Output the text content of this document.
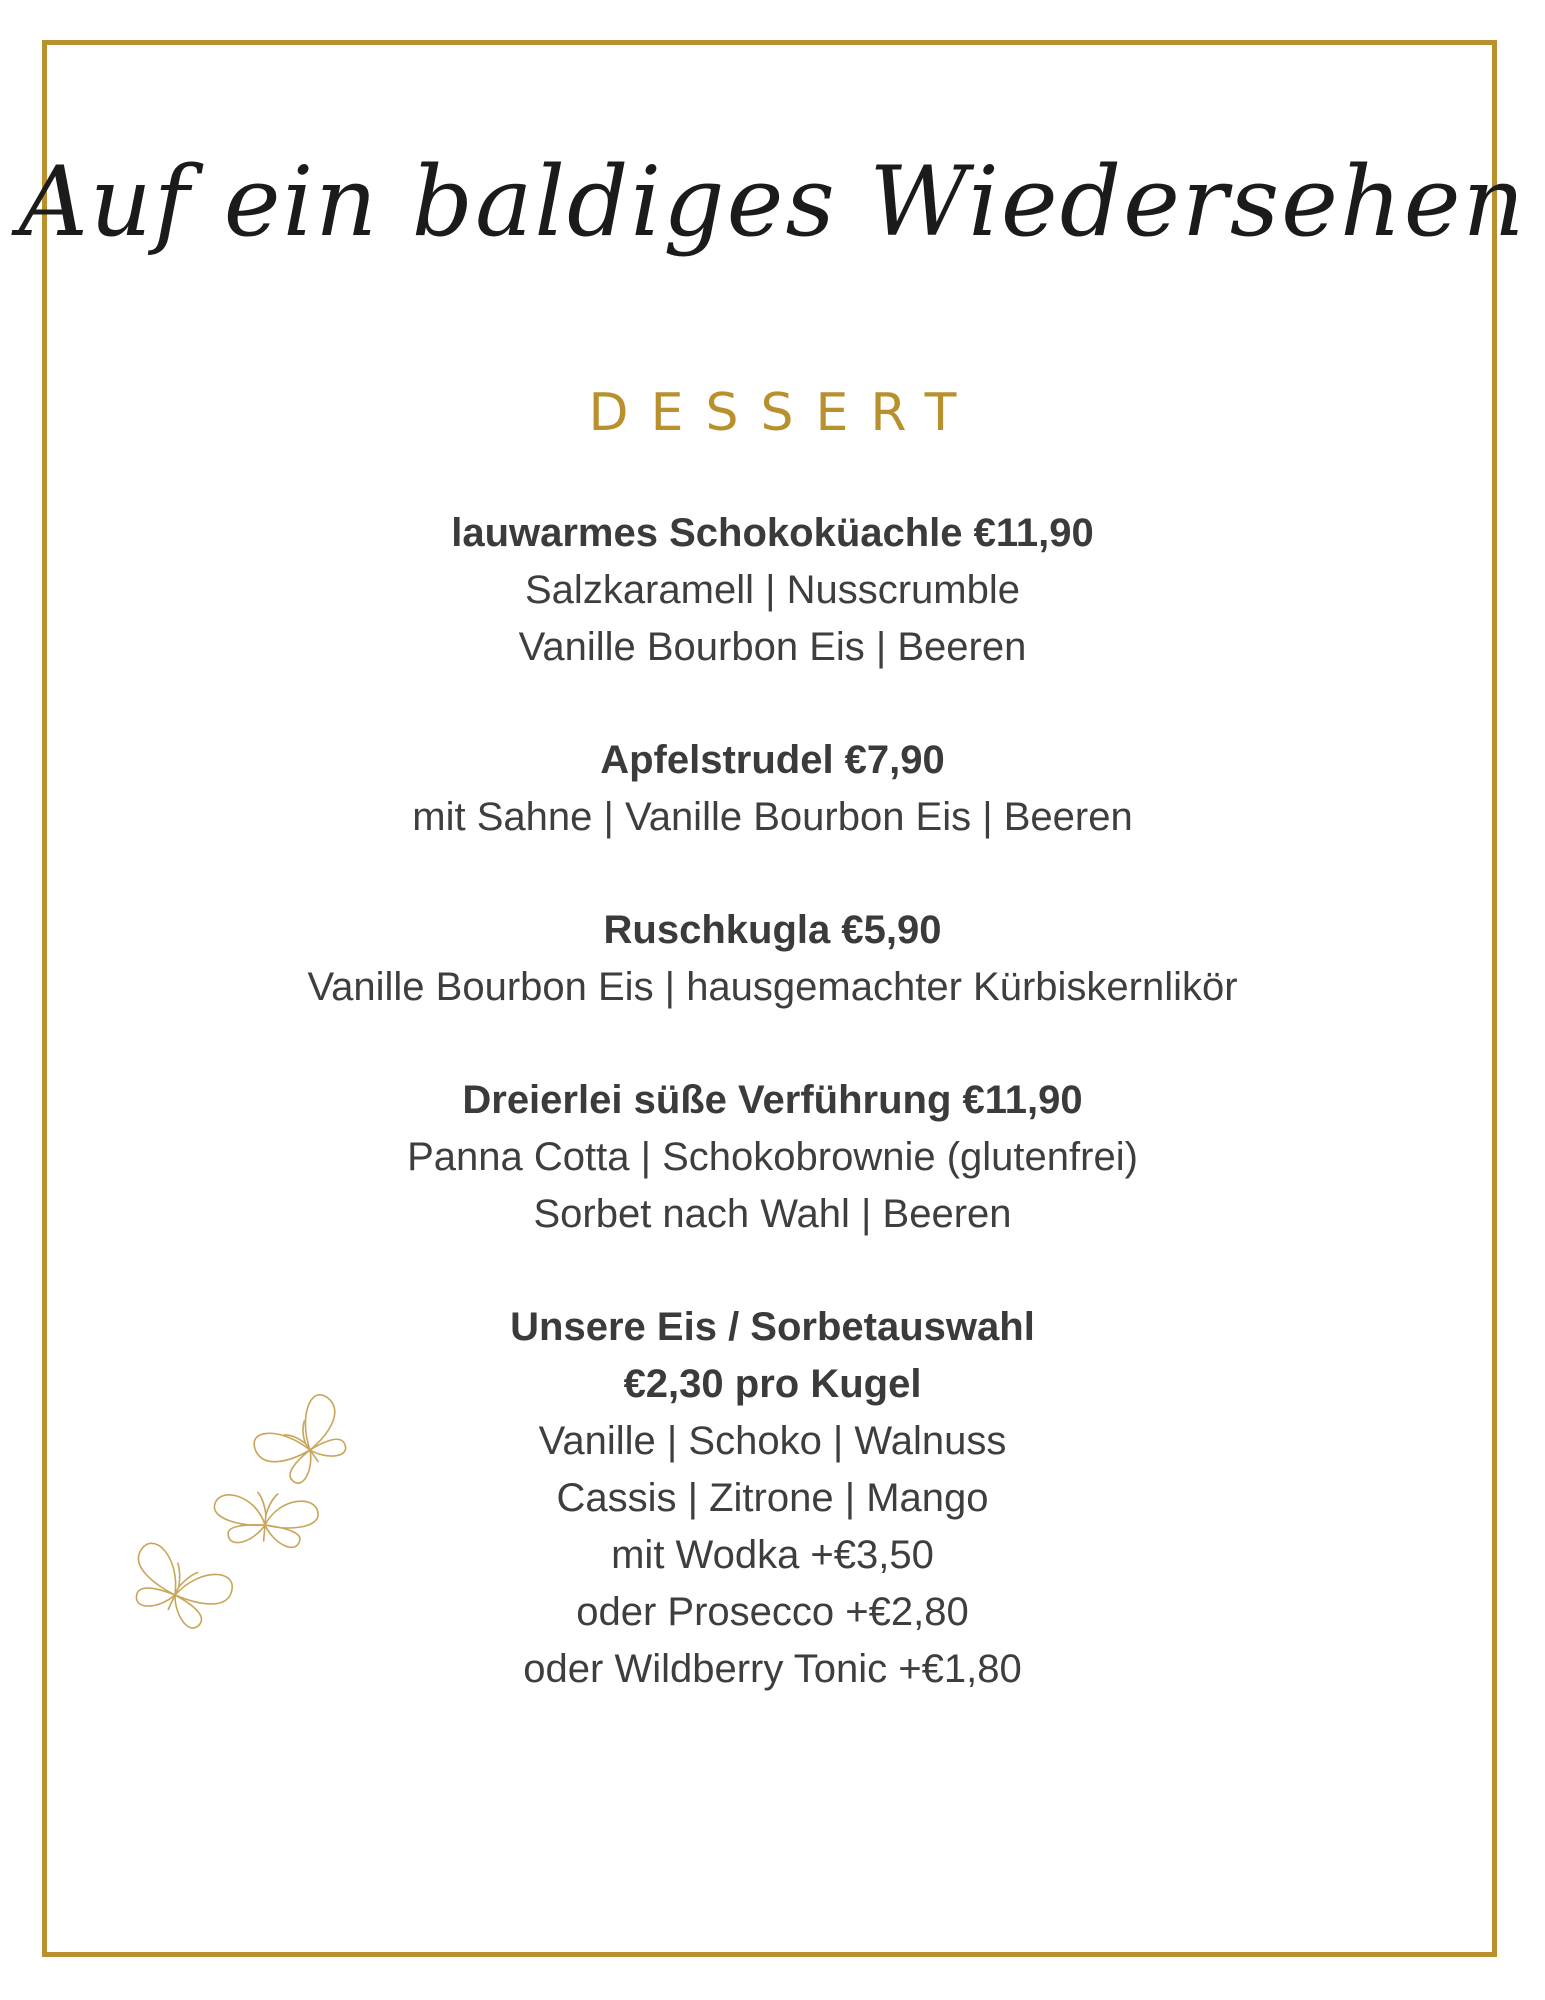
Auf ein baldiges Wiedersehen
DESSERT
lauwarmes Schokoküachle €11,90
Salzkaramell | Nusscrumble
Vanille Bourbon Eis | Beeren
Apfelstrudel €7,90
mit Sahne | Vanille Bourbon Eis | Beeren
Ruschkugla €5,90
Vanille Bourbon Eis | hausgemachter Kürbiskernlikör
Dreierlei süße Verführung €11,90
Panna Cotta | Schokobrownie (glutenfrei)
Sorbet nach Wahl | Beeren
Unsere Eis / Sorbetauswahl
€2,30 pro Kugel
Vanille | Schoko | Walnuss
Cassis | Zitrone | Mango
mit Wodka +€3,50
oder Prosecco +€2,80
oder Wildberry Tonic +€1,80
